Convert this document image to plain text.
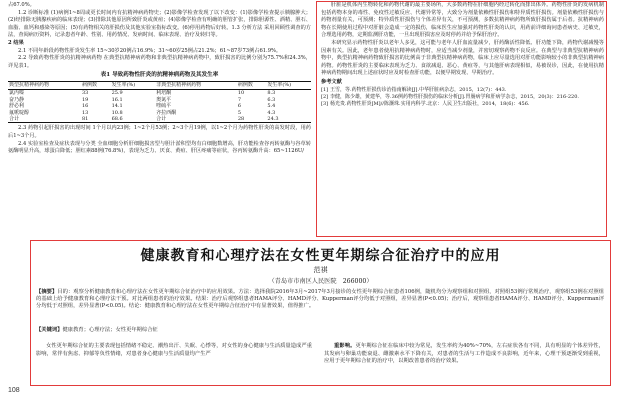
占67.0%。

1.2 诊断标准 (1)病例1~8周或更长时间内有抗精神病药物史；(2)影像学检查发现了以下改变：(1)影像学检查提示胰腺肿大；(2)经排除无胰腺疾病的临床表现；(3)排除其他原因所致肝炎或黄疸；(4)影像学检查有明确的胆管扩张，排除胆源性、酒精、胆石、血脂、血钙和感染等原因；(5)有药物相关的肝损伤及其他实验室指标改变。(6)停用药物后好转。1.3 分析方法 采用回顾性调查的方法，查阅病历资料，记录患者年龄、性别、用药情况、发病时间、临床表现、治疗及转归等。

2 结果

2.1 不同年龄段药物性肝炎发生率 15~30岁20例占16.9%；31~60岁25例占21.2%；61~87岁73例占61.9%。

2.2 导致药物性肝炎的抗精神病药物 在典型抗精神病药物和非典型抗精神病药物中，致肝损害的比例分别为75.7%和24.3%，详见表1。

表1 导致药物性肝炎的抗精神病药物及其发生率
典型抗精神病药物	病例数	发生率(%)	非典型抗精神病药物	病例数	发生率(%)
氯丙嗪	33	25.9	利培酮	10	8.3
奋乃静	19	16.1	奥氮平	7	6.3
舒必利	16	14.1	喹硫平	6	5.4
氟哌啶醇	13	10.8	齐拉西酮	5	4.3
合计	81	68.6	合计	28	24.3

2.3 药物引起肝损害的出现时间 1个月以内23例；1~2个月53例；2~3个月19例，以1~2个月为药物性肝炎的高发时段，用药后1~3个月。

2.4 实验室检查及症状表现与分类 全血细胞分析肝细胞损害型与胆汁淤积型均有白细胞数增高，肝功能检查谷丙转氨酶与谷草转氨酶明显升高，球蛋白降低；胆红素88例(76.8%)，表现为乏力、厌食、黄疸、肝区疼痛等症状，谷丙转氨酶升高：65~1126U/

肝脏是机体内生物转化和药物代谢的最主要场所，大多数药物在肝细胞内经过转化而排出体外。药物性肝炎的发病机制包括药物本身的毒性、免疫性过敏反应、代谢异常等，大致分为剂量依赖性肝损伤和特异质性肝损伤。剂量依赖性肝损伤与药物剂量有关，可预测；特异质性肝损伤与个体差异有关，不可预测，多数抗精神病药物所致肝损伤属于后者。抗精神病药物在长期使用过程中对肝脏会造成一定的损伤，临床医生应加强对药物性肝炎的认识，用药前详细询问患者病史、过敏史，合理选用药物，定期监测肝功能，一旦出现肝损害应及时停药并给予保肝治疗。

本研究显示药物性肝炎以老年人多见，这可能与老年人肝血流量减少，肝药酶活性降低、肝功能下降，药物代谢减慢等因素有关。因此，老年患者使用抗精神病药物时，应适当减少剂量，并密切观察药物不良反应。在典型与非典型抗精神病药物中，典型抗精神病药物致肝损害的比例高于非典型抗精神病药物，临床上应尽量选用对肝功能影响较小的非典型抗精神病药物。药物性肝炎的主要临床表现为乏力、食欲减退、恶心、黄疸等，与其他肝病表现相似，易被误诊，因此，在使用抗精神病药物期间出现上述症状时应及时检查肝功能，以便早期发现、早期治疗。

参考文献
[1] 王雪，等.药物性肝损伤诊治指南解读[J].中华肝脏病杂志，2015，12(7)：443.
[2] 李健，陈少雄，黄建华，等.36例药物性肝损伤的临床分析[J].胃肠病学和肝病学杂志，2015，20(3)：216-220.
[3] 杨光贵.药物性肝炎[M]//陈灏珠.实用内科学.北京：人民卫生出版社，2014，18(6)：456.
健康教育和心理疗法在女性更年期综合征治疗中的应用
范祺
（青岛市市南区人民医院　266000）
【摘要】目的：观察分析健康教育和心理疗法在女性更年期综合征治疗中的应用效果。方法：选择我院2016年3月~2017年3月接诊的女性更年期综合征患者106例，随机均分为观察组和对照组，对照组53例行常规治疗，观察组53例在对照组的基础上给予健康教育和心理疗法干预。对比两组患者的治疗效果。结果：治疗后观察组患者HAMA评分、HAMD评分、Kupperman评分均低于对照组，差异显著(P<0.05)；治疗后，观察组患者HAMA评分、HAMD评分、Kupperman评分均低于对照组，差异显著(P<0.05)。结论：健康教育和心理疗法在女性更年期综合征治疗中有显著效果，值得推广。
【关键词】健康教育；心理疗法；女性更年期综合征

女性更年期综合征的主要表现包括情绪不稳定、潮热出汗、失眠、心悸等，对女性的身心健康与生活质量造成严重影响，常伴有焦虑、抑郁等负性情绪，对患者身心健康与生活质量均产生严

重影响。更年期综合征在临床中较为常见，发生率约为40%~70%，左右症状各有不同，具有明显的个体差异性，其发病与卵巢功能衰退、雌激素水平下降有关，对患者的生活与工作造成不良影响，近年来，心理干预逐渐受到重视，应用于更年期综合征的治疗中，以期改善患者的治疗效果。

108
